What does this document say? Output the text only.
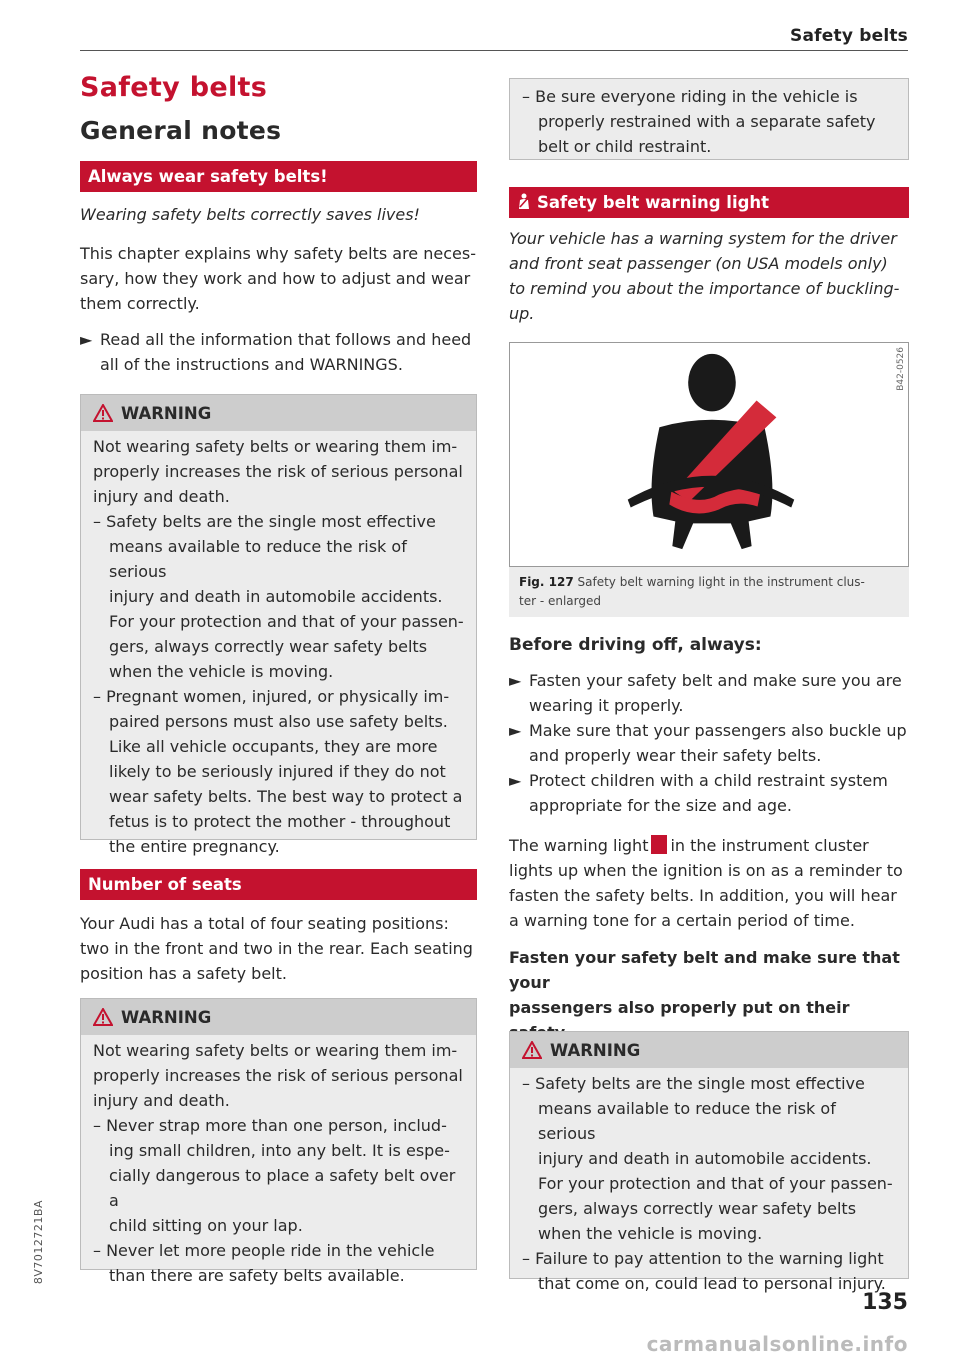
Safety belts
Safety belts
General notes
Always wear safety belts!

Wearing safety belts correctly saves lives!

This chapter explains why safety belts are neces-
sary, how they work and how to adjust and wear
them correctly.
► Read all the information that follows and heed
all of the instructions and WARNINGS.
WARNING

Not wearing safety belts or wearing them im-

properly increases the risk of serious personal

injury and death.

– Safety belts are the single most effective

means available to reduce the risk of serious

injury and death in automobile accidents.

For your protection and that of your passen-

gers, always correctly wear safety belts

when the vehicle is moving.

– Pregnant women, injured, or physically im-

paired persons must also use safety belts.

Like all vehicle occupants, they are more

likely to be seriously injured if they do not

wear safety belts. The best way to protect a

fetus is to protect the mother - throughout

the entire pregnancy.

Number of seats
Your Audi has a total of four seating positions:
two in the front and two in the rear. Each seating
position has a safety belt.
WARNING

Not wearing safety belts or wearing them im-

properly increases the risk of serious personal

injury and death.

– Never strap more than one person, includ-

ing small children, into any belt. It is espe-

cially dangerous to place a safety belt over a

child sitting on your lap.

– Never let more people ride in the vehicle

than there are safety belts available.

– Be sure everyone riding in the vehicle is

properly restrained with a separate safety

belt or child restraint.

Safety belt warning light
Your vehicle has a warning system for the driver
and front seat passenger (on USA models only)
to remind you about the importance of buckling-
up.
B42-0526
Fig. 127 Safety belt warning light in the instrument clus-
ter - enlarged
Before driving off, always:
► Fasten your safety belt and make sure you are
wearing it properly.
► Make sure that your passengers also buckle up
and properly wear their safety belts.
► Protect children with a child restraint system
appropriate for the size and age.
The warning light in the instrument cluster
lights up when the ignition is on as a reminder to
fasten the safety belts. In addition, you will hear
a warning tone for a certain period of time.
Fasten your safety belt and make sure that your
passengers also properly put on their
WARNING

– Safety belts are the single most effective

means available to reduce the risk of serious

injury and death in automobile accidents.

For your protection and that of your passen-

gers, always correctly wear safety belts

when the vehicle is moving.

– Failure to pay attention to the warning light

that come on, could lead to personal injury.

8V7012721BA
135
carmanualsonline.info
